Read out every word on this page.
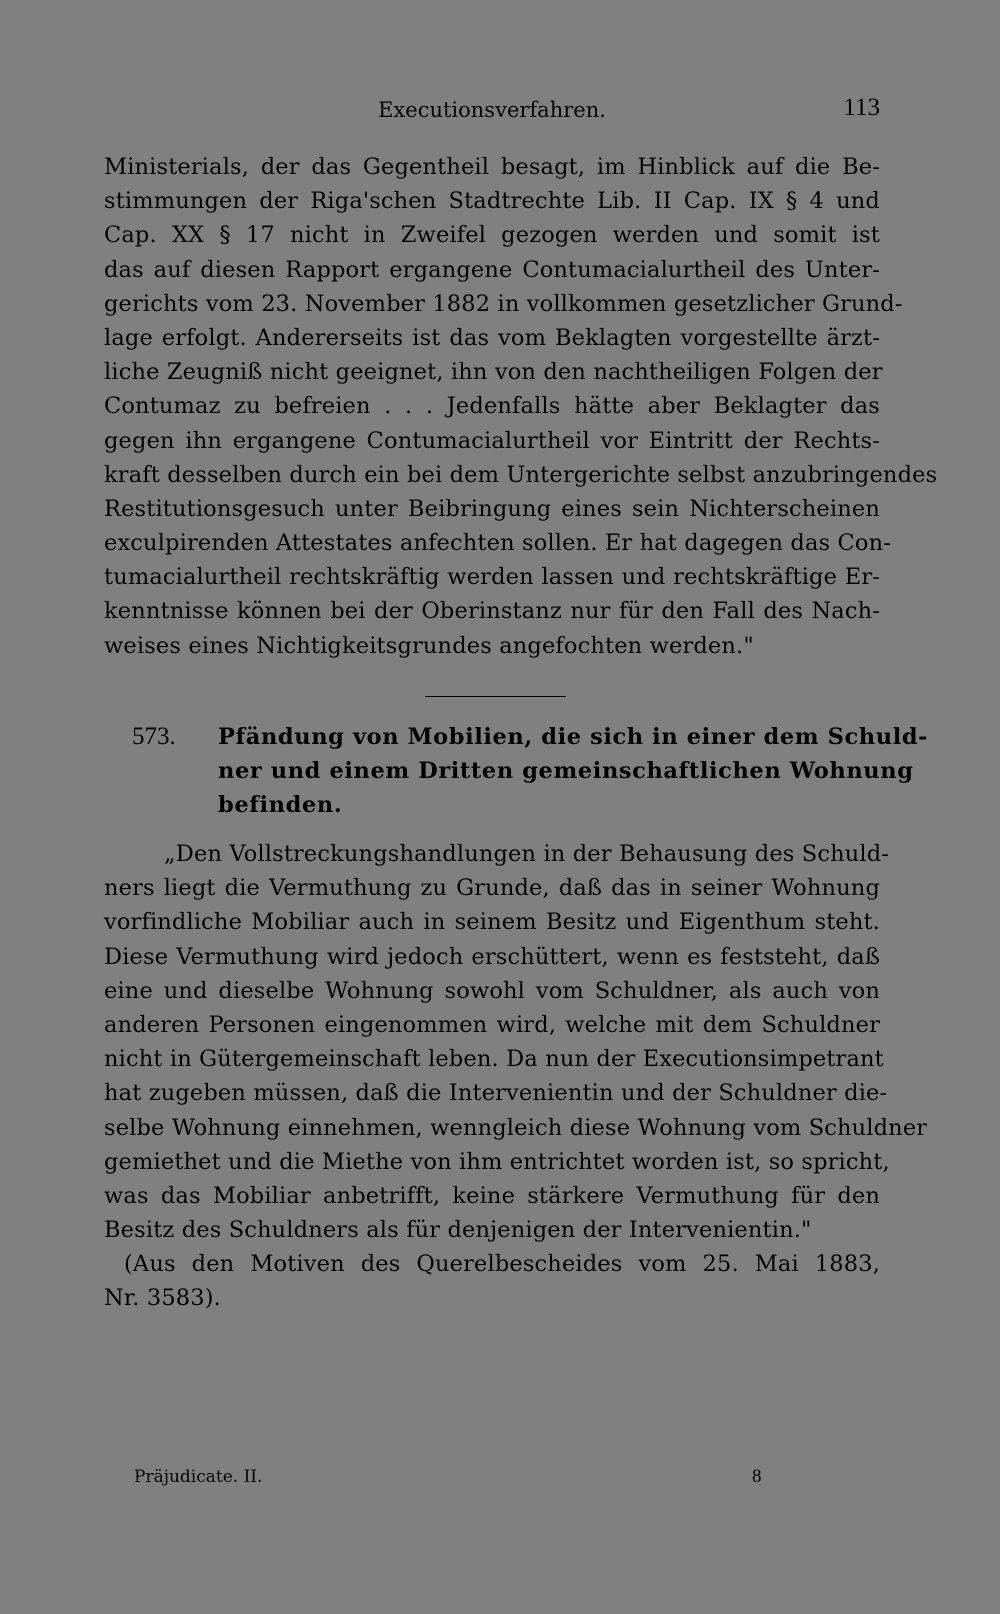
Executionsverfahren.	113
Ministerials, der das Gegentheil besagt, im Hinblick auf die Be-
stimmungen der Riga'schen Stadtrechte Lib. II Cap. IX § 4 und
Cap. XX § 17 nicht in Zweifel gezogen werden und somit ist
das auf diesen Rapport ergangene Contumacialurtheil des Unter-
gerichts vom 23. November 1882 in vollkommen gesetzlicher Grund-
lage erfolgt. Andererseits ist das vom Beklagten vorgestellte ärzt-
liche Zeugniß nicht geeignet, ihn von den nachtheiligen Folgen der
Contumaz zu befreien . . . Jedenfalls hätte aber Beklagter das
gegen ihn ergangene Contumacialurtheil vor Eintritt der Rechts-
kraft desselben durch ein bei dem Untergerichte selbst anzubringendes
Restitutionsgesuch unter Beibringung eines sein Nichterscheinen
exculpirenden Attestates anfechten sollen. Er hat dagegen das Con-
tumacialurtheil rechtskräftig werden lassen und rechtskräftige Er-
kenntnisse können bei der Oberinstanz nur für den Fall des Nach-
weises eines Nichtigkeitsgrundes angefochten werden."
573. Pfändung von Mobilien, die sich in einer dem Schuld-
ner und einem Dritten gemeinschaftlichen Wohnung
befinden.
„Den Vollstreckungshandlungen in der Behausung des Schuld-
ners liegt die Vermuthung zu Grunde, daß das in seiner Wohnung
vorfindliche Mobiliar auch in seinem Besitz und Eigenthum steht.
Diese Vermuthung wird jedoch erschüttert, wenn es feststeht, daß
eine und dieselbe Wohnung sowohl vom Schuldner, als auch von
anderen Personen eingenommen wird, welche mit dem Schuldner
nicht in Gütergemeinschaft leben. Da nun der Executionsimpetrant
hat zugeben müssen, daß die Intervenientin und der Schuldner die-
selbe Wohnung einnehmen, wenngleich diese Wohnung vom Schuldner
gemiethet und die Miethe von ihm entrichtet worden ist, so spricht,
was das Mobiliar anbetrifft, keine stärkere Vermuthung für den
Besitz des Schuldners als für denjenigen der Intervenientin."
(Aus den Motiven des Querelbescheides vom 25. Mai 1883,
Nr. 3583).
Präjudicate. II.	8
